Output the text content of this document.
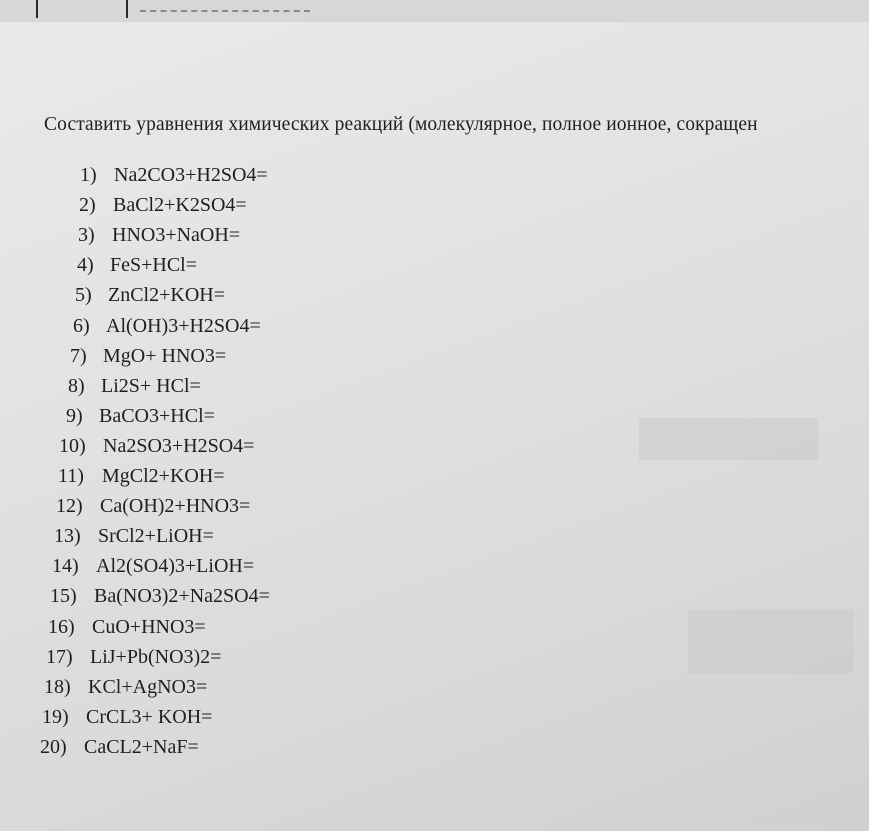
▆▆▆▆▆
▆▆▆
Составить уравнения химических реакций (молекулярное, полное ионное, сокращен
1) Na2CO3+H2SO4=
2) BaCl2+K2SO4=
3) HNO3+NaOH=
4) FeS+HCl=
5) ZnCl2+KOH=
6) Al(OH)3+H2SO4=
7) MgO+ HNO3=
8) Li2S+ HCl=
9) BaCO3+HCl=
10) Na2SO3+H2SO4=
11) MgCl2+KOH=
12) Ca(OH)2+HNO3=
13) SrCl2+LiOH=
14) Al2(SO4)3+LiOH=
15) Ba(NO3)2+Na2SO4=
16) CuO+HNO3=
17) LiJ+Pb(NO3)2=
18) KCl+AgNO3=
19) CrCL3+ KOH=
20) CaCL2+NaF=
